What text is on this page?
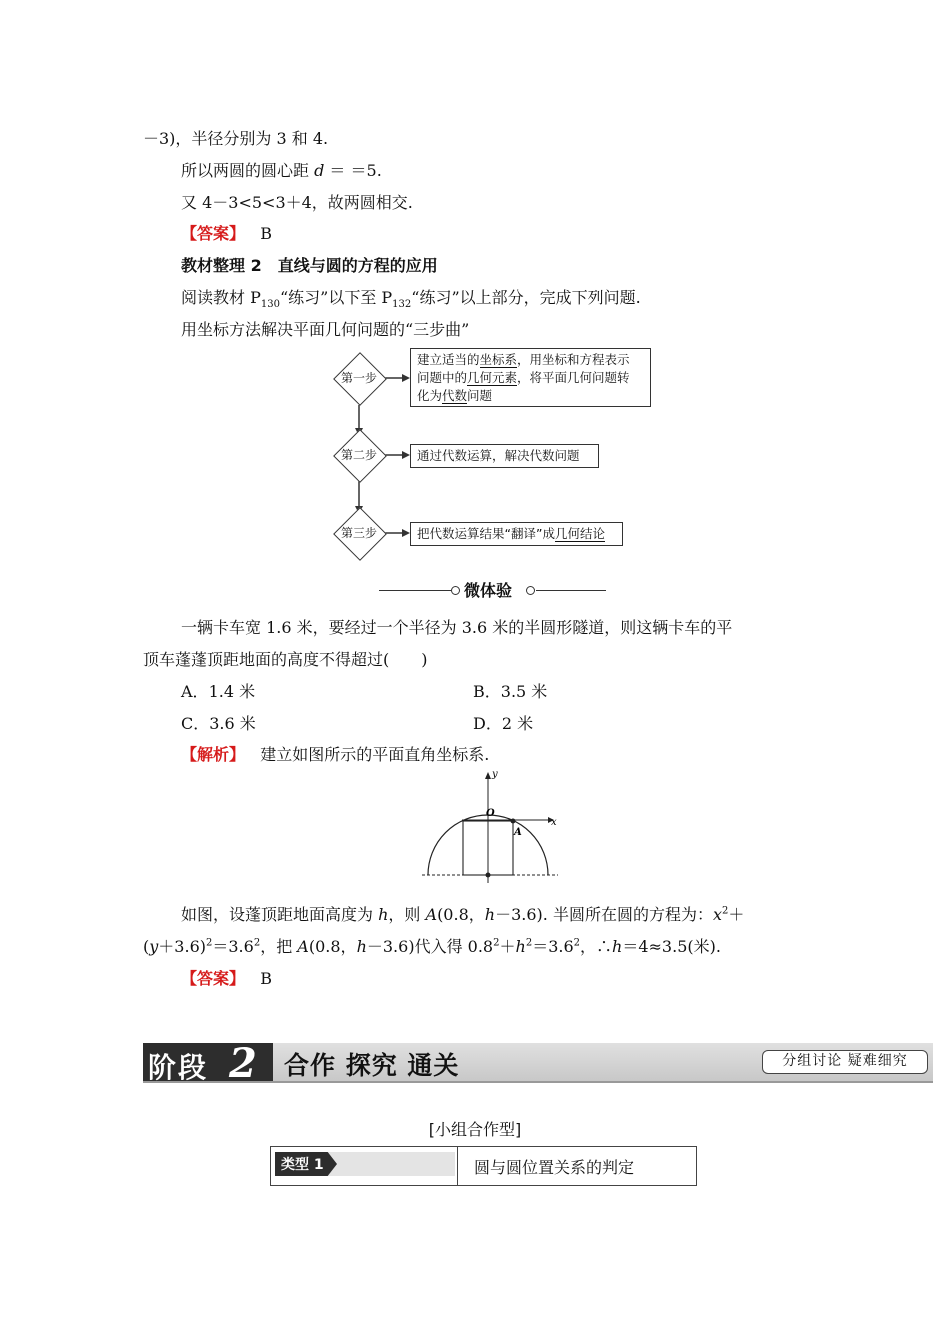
－3)，半径分别为 3 和 4.
所以两圆的圆心距 d ＝ ＝5.
又 4－3<5<3＋4，故两圆相交.
【答案】 B
教材整理 2　直线与圆的方程的应用
阅读教材 $P_{130}“$练习”以下至 $P_{132}“$练习”以上部分，完成下列问题.
用坐标方法解决平面几何问题的“三步曲”
第一步
第二步
第三步
建立适当的坐标系，用坐标和方程表示
问题中的几何元素，将平面几何问题转
化为代数问题
通过代数运算，解决代数问题
把代数运算结果“翻译”成几何结论
微体验
一辆卡车宽 1.6 米，要经过一个半径为 3.6 米的半圆形隧道，则这辆卡车的平
顶车蓬蓬顶距地面的高度不得超过(　　)
A．1.4 米	B．3.5 米
C．3.6 米	D．2 米
【解析】 建立如图所示的平面直角坐标系.
y
x
O
A
如图，设蓬顶距地面高度为 h，则 A(0.8，h－3.6). 半圆所在圆的方程为：$x^2+$
$(y+3.6)^2=3.6^2$，把 A(0.8，h－3.6)代入得 $0.8^2+h^2=3.6^2$，∴h＝4≈3.5(米).
【答案】 B
阶段 2 合作 探究 通关	分组讨论 疑难细究
[小组合作型]
类型 1	圆与圆位置关系的判定
